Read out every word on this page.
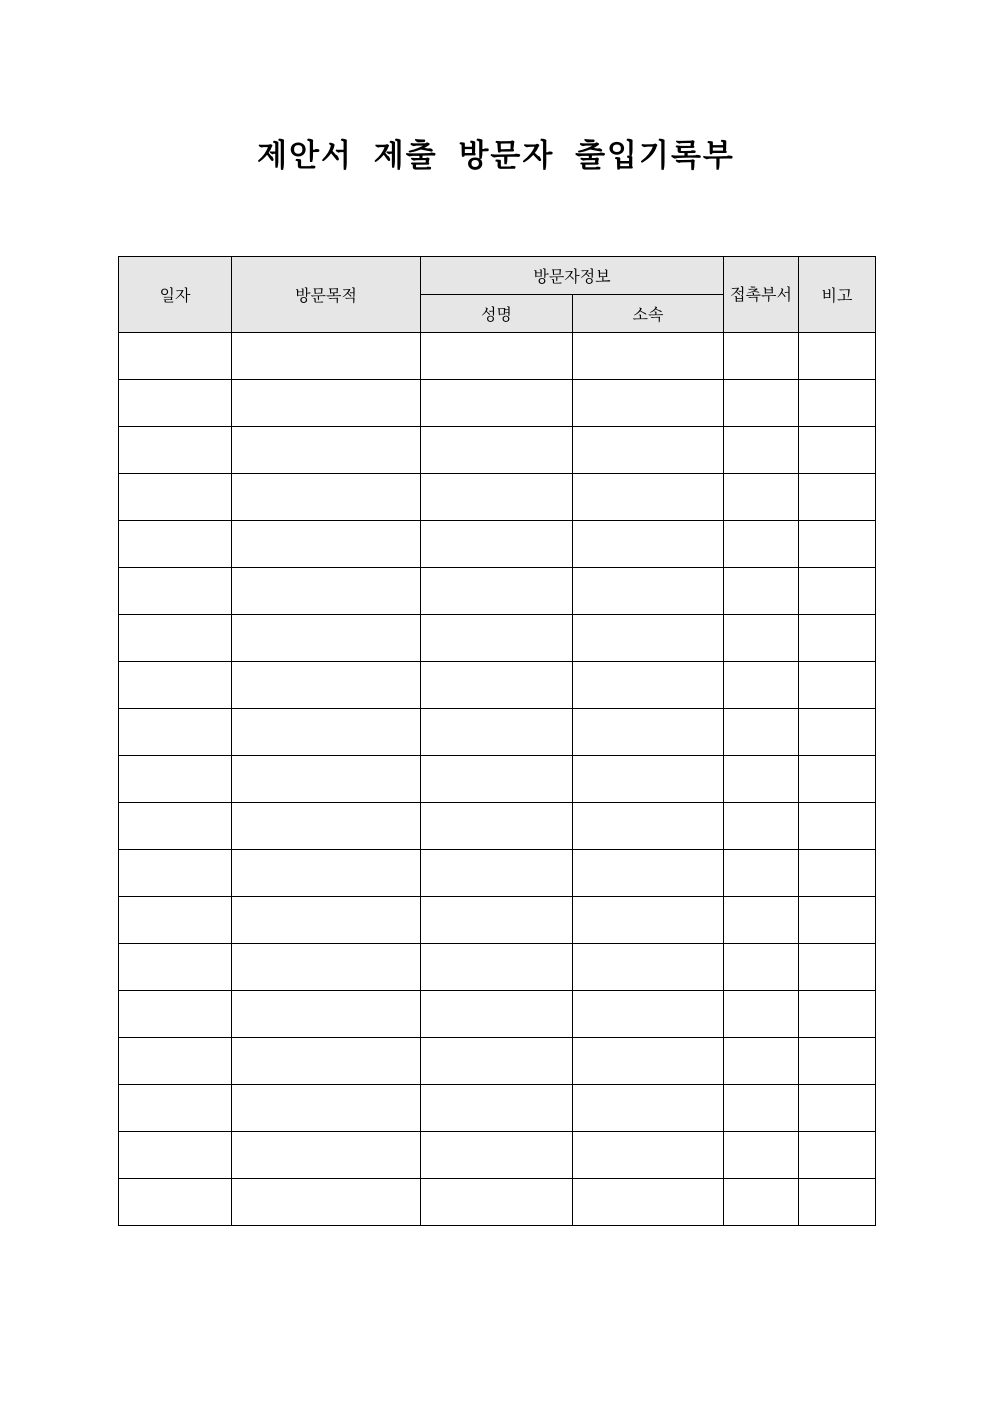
제안서 제출 방문자 출입기록부
일자	방문목적	방문자정보		접촉부서	비고
		성명	소속		
